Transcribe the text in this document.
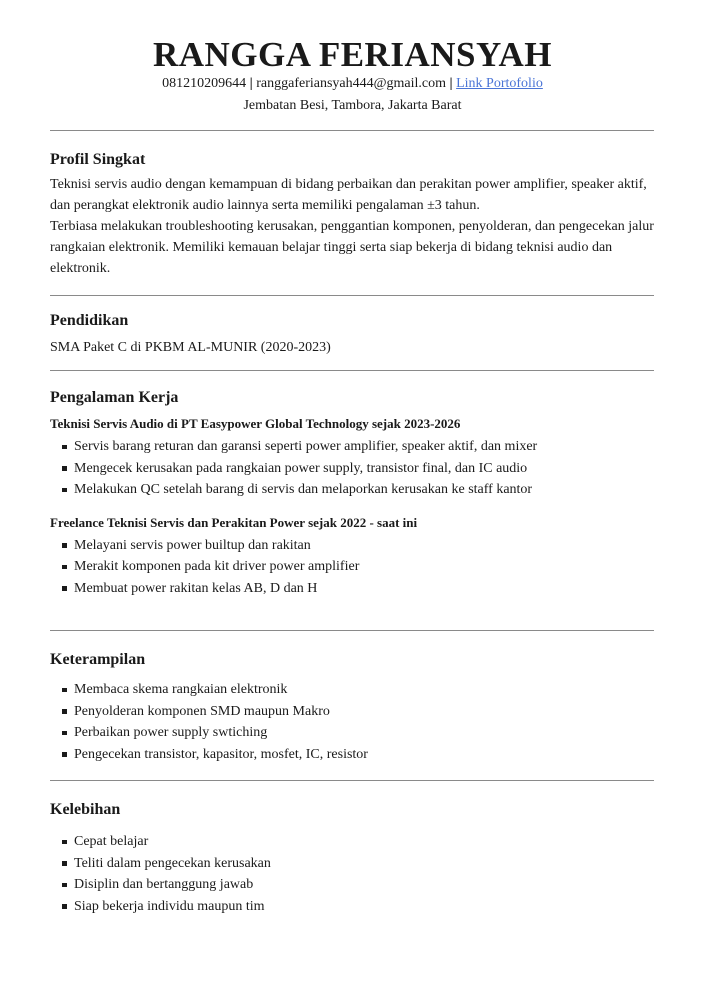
RANGGA FERIANSYAH
081210209644 | ranggaferiansyah444@gmail.com | Link Portofolio
Jembatan Besi, Tambora, Jakarta Barat
Profil Singkat

Teknisi servis audio dengan kemampuan di bidang perbaikan dan perakitan power amplifier, speaker aktif, dan perangkat elektronik audio lainnya serta memiliki pengalaman ±3 tahun.

Terbiasa melakukan troubleshooting kerusakan, penggantian komponen, penyolderan, dan pengecekan jalur rangkaian elektronik. Memiliki kemauan belajar tinggi serta siap bekerja di bidang teknisi audio dan elektronik.

Pendidikan

SMA Paket C di PKBM AL-MUNIR (2020-2023)

Pengalaman Kerja
Teknisi Servis Audio di PT Easypower Global Technology sejak 2023-2026
Servis barang returan dan garansi seperti power amplifier, speaker aktif, dan mixer
Mengecek kerusakan pada rangkaian power supply, transistor final, dan IC audio
Melakukan QC setelah barang di servis dan melaporkan kerusakan ke staff kantor
Freelance Teknisi Servis dan Perakitan Power sejak 2022 - saat ini
Melayani servis power builtup dan rakitan
Merakit komponen pada kit driver power amplifier
Membuat power rakitan kelas AB, D dan H
Keterampilan
Membaca skema rangkaian elektronik
Penyolderan komponen SMD maupun Makro
Perbaikan power supply swtiching
Pengecekan transistor, kapasitor, mosfet, IC, resistor
Kelebihan
Cepat belajar
Teliti dalam pengecekan kerusakan
Disiplin dan bertanggung jawab
Siap bekerja individu maupun tim
